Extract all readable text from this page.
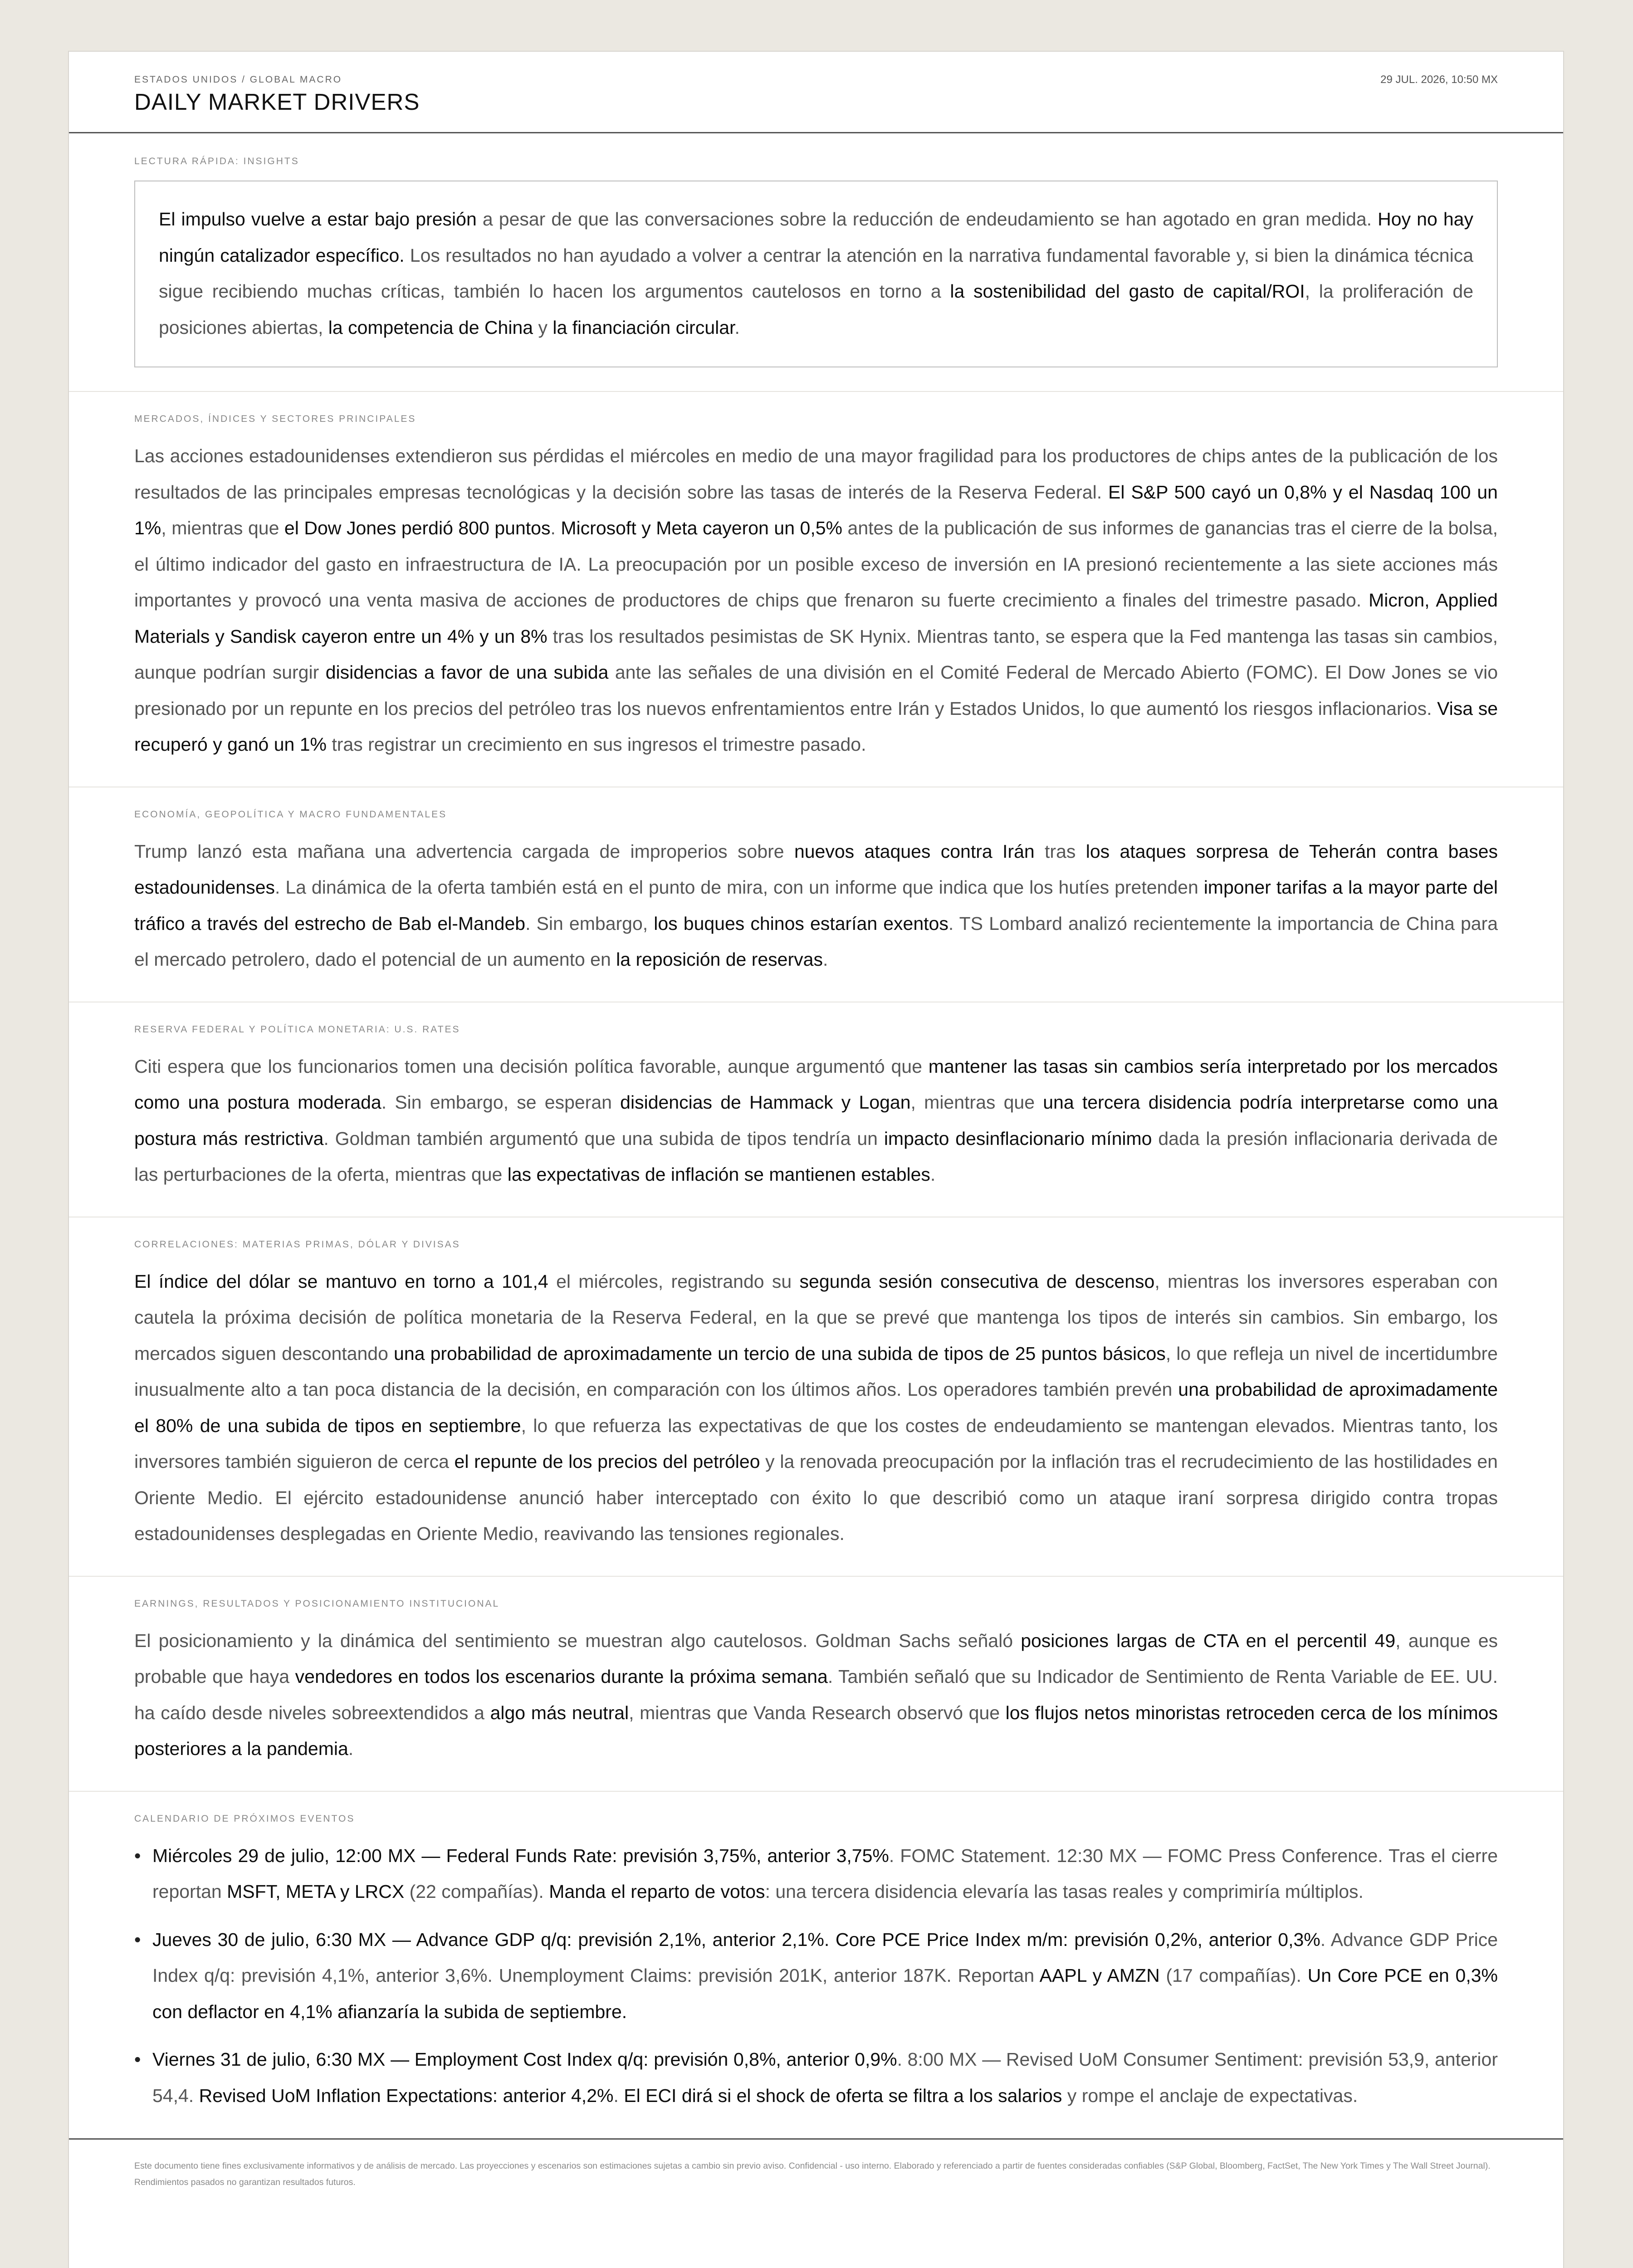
ESTADOS UNIDOS / GLOBAL MACRO
DAILY MARKET DRIVERS
29 JUL. 2026, 10:50 MX
LECTURA RÁPIDA: INSIGHTS

El impulso vuelve a estar bajo presión a pesar de que las conversaciones sobre la reducción de endeudamiento se han agotado en gran medida. Hoy no hay ningún catalizador específico. Los resultados no han ayudado a volver a centrar la atención en la narrativa fundamental favorable y, si bien la dinámica técnica sigue recibiendo muchas críticas, también lo hacen los argumentos cautelosos en torno a la sostenibilidad del gasto de capital/ROI, la proliferación de posiciones abiertas, la competencia de China y la financiación circular.

MERCADOS, ÍNDICES Y SECTORES PRINCIPALES

Las acciones estadounidenses extendieron sus pérdidas el miércoles en medio de una mayor fragilidad para los productores de chips antes de la publicación de los resultados de las principales empresas tecnológicas y la decisión sobre las tasas de interés de la Reserva Federal. El S&P 500 cayó un 0,8% y el Nasdaq 100 un 1%, mientras que el Dow Jones perdió 800 puntos. Microsoft y Meta cayeron un 0,5% antes de la publicación de sus informes de ganancias tras el cierre de la bolsa, el último indicador del gasto en infraestructura de IA. La preocupación por un posible exceso de inversión en IA presionó recientemente a las siete acciones más importantes y provocó una venta masiva de acciones de productores de chips que frenaron su fuerte crecimiento a finales del trimestre pasado. Micron, Applied Materials y Sandisk cayeron entre un 4% y un 8% tras los resultados pesimistas de SK Hynix. Mientras tanto, se espera que la Fed mantenga las tasas sin cambios, aunque podrían surgir disidencias a favor de una subida ante las señales de una división en el Comité Federal de Mercado Abierto (FOMC). El Dow Jones se vio presionado por un repunte en los precios del petróleo tras los nuevos enfrentamientos entre Irán y Estados Unidos, lo que aumentó los riesgos inflacionarios. Visa se recuperó y ganó un 1% tras registrar un crecimiento en sus ingresos el trimestre pasado.

ECONOMÍA, GEOPOLÍTICA Y MACRO FUNDAMENTALES

Trump lanzó esta mañana una advertencia cargada de improperios sobre nuevos ataques contra Irán tras los ataques sorpresa de Teherán contra bases estadounidenses. La dinámica de la oferta también está en el punto de mira, con un informe que indica que los hutíes pretenden imponer tarifas a la mayor parte del tráfico a través del estrecho de Bab el-Mandeb. Sin embargo, los buques chinos estarían exentos. TS Lombard analizó recientemente la importancia de China para el mercado petrolero, dado el potencial de un aumento en la reposición de reservas.

RESERVA FEDERAL Y POLÍTICA MONETARIA: U.S. RATES

Citi espera que los funcionarios tomen una decisión política favorable, aunque argumentó que mantener las tasas sin cambios sería interpretado por los mercados como una postura moderada. Sin embargo, se esperan disidencias de Hammack y Logan, mientras que una tercera disidencia podría interpretarse como una postura más restrictiva. Goldman también argumentó que una subida de tipos tendría un impacto desinflacionario mínimo dada la presión inflacionaria derivada de las perturbaciones de la oferta, mientras que las expectativas de inflación se mantienen estables.

CORRELACIONES: MATERIAS PRIMAS, DÓLAR Y DIVISAS

El índice del dólar se mantuvo en torno a 101,4 el miércoles, registrando su segunda sesión consecutiva de descenso, mientras los inversores esperaban con cautela la próxima decisión de política monetaria de la Reserva Federal, en la que se prevé que mantenga los tipos de interés sin cambios. Sin embargo, los mercados siguen descontando una probabilidad de aproximadamente un tercio de una subida de tipos de 25 puntos básicos, lo que refleja un nivel de incertidumbre inusualmente alto a tan poca distancia de la decisión, en comparación con los últimos años. Los operadores también prevén una probabilidad de aproximadamente el 80% de una subida de tipos en septiembre, lo que refuerza las expectativas de que los costes de endeudamiento se mantengan elevados. Mientras tanto, los inversores también siguieron de cerca el repunte de los precios del petróleo y la renovada preocupación por la inflación tras el recrudecimiento de las hostilidades en Oriente Medio. El ejército estadounidense anunció haber interceptado con éxito lo que describió como un ataque iraní sorpresa dirigido contra tropas estadounidenses desplegadas en Oriente Medio, reavivando las tensiones regionales.

EARNINGS, RESULTADOS Y POSICIONAMIENTO INSTITUCIONAL

El posicionamiento y la dinámica del sentimiento se muestran algo cautelosos. Goldman Sachs señaló posiciones largas de CTA en el percentil 49, aunque es probable que haya vendedores en todos los escenarios durante la próxima semana. También señaló que su Indicador de Sentimiento de Renta Variable de EE. UU. ha caído desde niveles sobreextendidos a algo más neutral, mientras que Vanda Research observó que los flujos netos minoristas retroceden cerca de los mínimos posteriores a la pandemia.

CALENDARIO DE PRÓXIMOS EVENTOS
• Miércoles 29 de julio, 12:00 MX — Federal Funds Rate: previsión 3,75%, anterior 3,75%. FOMC Statement. 12:30 MX — FOMC Press Conference. Tras el cierre reportan MSFT, META y LRCX (22 compañías). Manda el reparto de votos: una tercera disidencia elevaría las tasas reales y comprimiría múltiplos.
• Jueves 30 de julio, 6:30 MX — Advance GDP q/q: previsión 2,1%, anterior 2,1%. Core PCE Price Index m/m: previsión 0,2%, anterior 0,3%. Advance GDP Price Index q/q: previsión 4,1%, anterior 3,6%. Unemployment Claims: previsión 201K, anterior 187K. Reportan AAPL y AMZN (17 compañías). Un Core PCE en 0,3% con deflactor en 4,1% afianzaría la subida de septiembre.
• Viernes 31 de julio, 6:30 MX — Employment Cost Index q/q: previsión 0,8%, anterior 0,9%. 8:00 MX — Revised UoM Consumer Sentiment: previsión 53,9, anterior 54,4. Revised UoM Inflation Expectations: anterior 4,2%. El ECI dirá si el shock de oferta se filtra a los salarios y rompe el anclaje de expectativas.
Este documento tiene fines exclusivamente informativos y de análisis de mercado. Las proyecciones y escenarios son estimaciones sujetas a cambio sin previo aviso. Confidencial - uso interno. Elaborado y referenciado a partir de fuentes consideradas confiables (S&P Global, Bloomberg, FactSet, The New York Times y The Wall Street Journal). Rendimientos pasados no garantizan resultados futuros.
